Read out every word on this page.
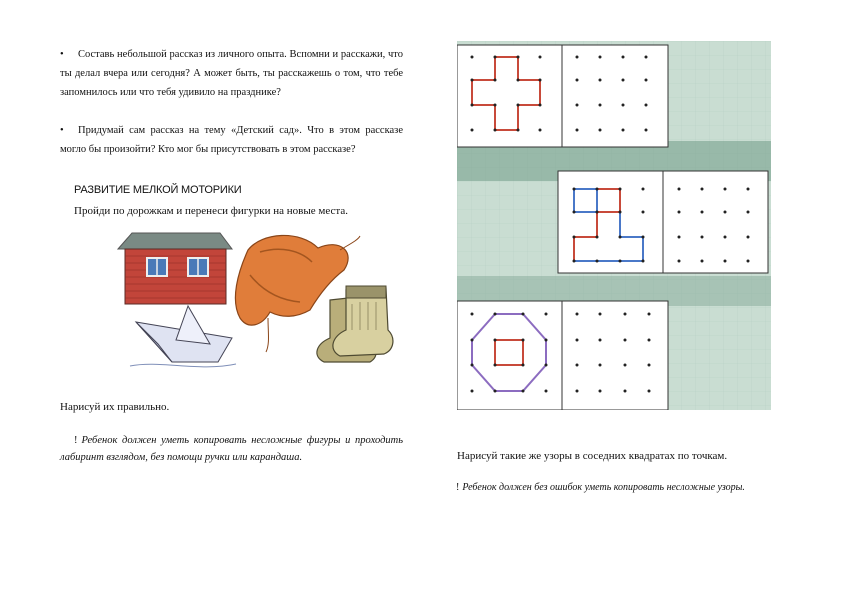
• Составь небольшой рассказ из личного опыта. Вспомни и расскажи, что ты делал вчера или сегодня? А может быть, ты расскажешь о том, что тебе запомнилось или что тебя удивило на празднике?

• Придумай сам рассказ на тему «Детский сад». Что в этом рассказе могло бы произойти? Кто мог бы присутствовать в этом рассказе?

РАЗВИТИЕ МЕЛКОЙ МОТОРИКИ

Пройди по дорожкам и перенеси фигурки на новые места.

Нарисуй их правильно.

! Ребенок должен уметь копировать несложные фигуры и проходить лабиринт взглядом, без помощи ручки или карандаша.	Нарисуй такие же узоры в соседних квадратах по точкам.

! Ребенок должен без ошибок уметь копировать несложные узоры.
